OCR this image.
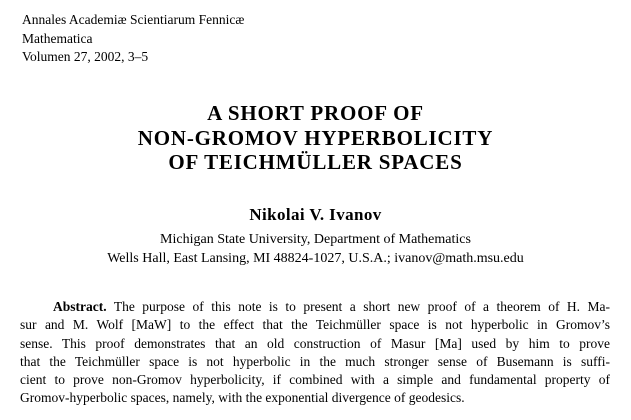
Annales Academiæ Scientiarum Fennicæ
Mathematica
Volumen 27, 2002, 3–5
A SHORT PROOF OF
NON-GROMOV HYPERBOLICITY
OF TEICHMÜLLER SPACES
Nikolai V. Ivanov
Michigan State University, Department of Mathematics
Wells Hall, East Lansing, MI 48824-1027, U.S.A.; ivanov@math.msu.edu
Abstract. The purpose of this note is to present a short new proof of a theorem of H. Ma-
sur and M. Wolf [MaW] to the effect that the Teichmüller space is not hyperbolic in Gromov’s
sense. This proof demonstrates that an old construction of Masur [Ma] used by him to prove
that the Teichmüller space is not hyperbolic in the much stronger sense of Busemann is suffi-
cient to prove non-Gromov hyperbolicity, if combined with a simple and fundamental property of
Gromov-hyperbolic spaces, namely, with the exponential divergence of geodesics.
